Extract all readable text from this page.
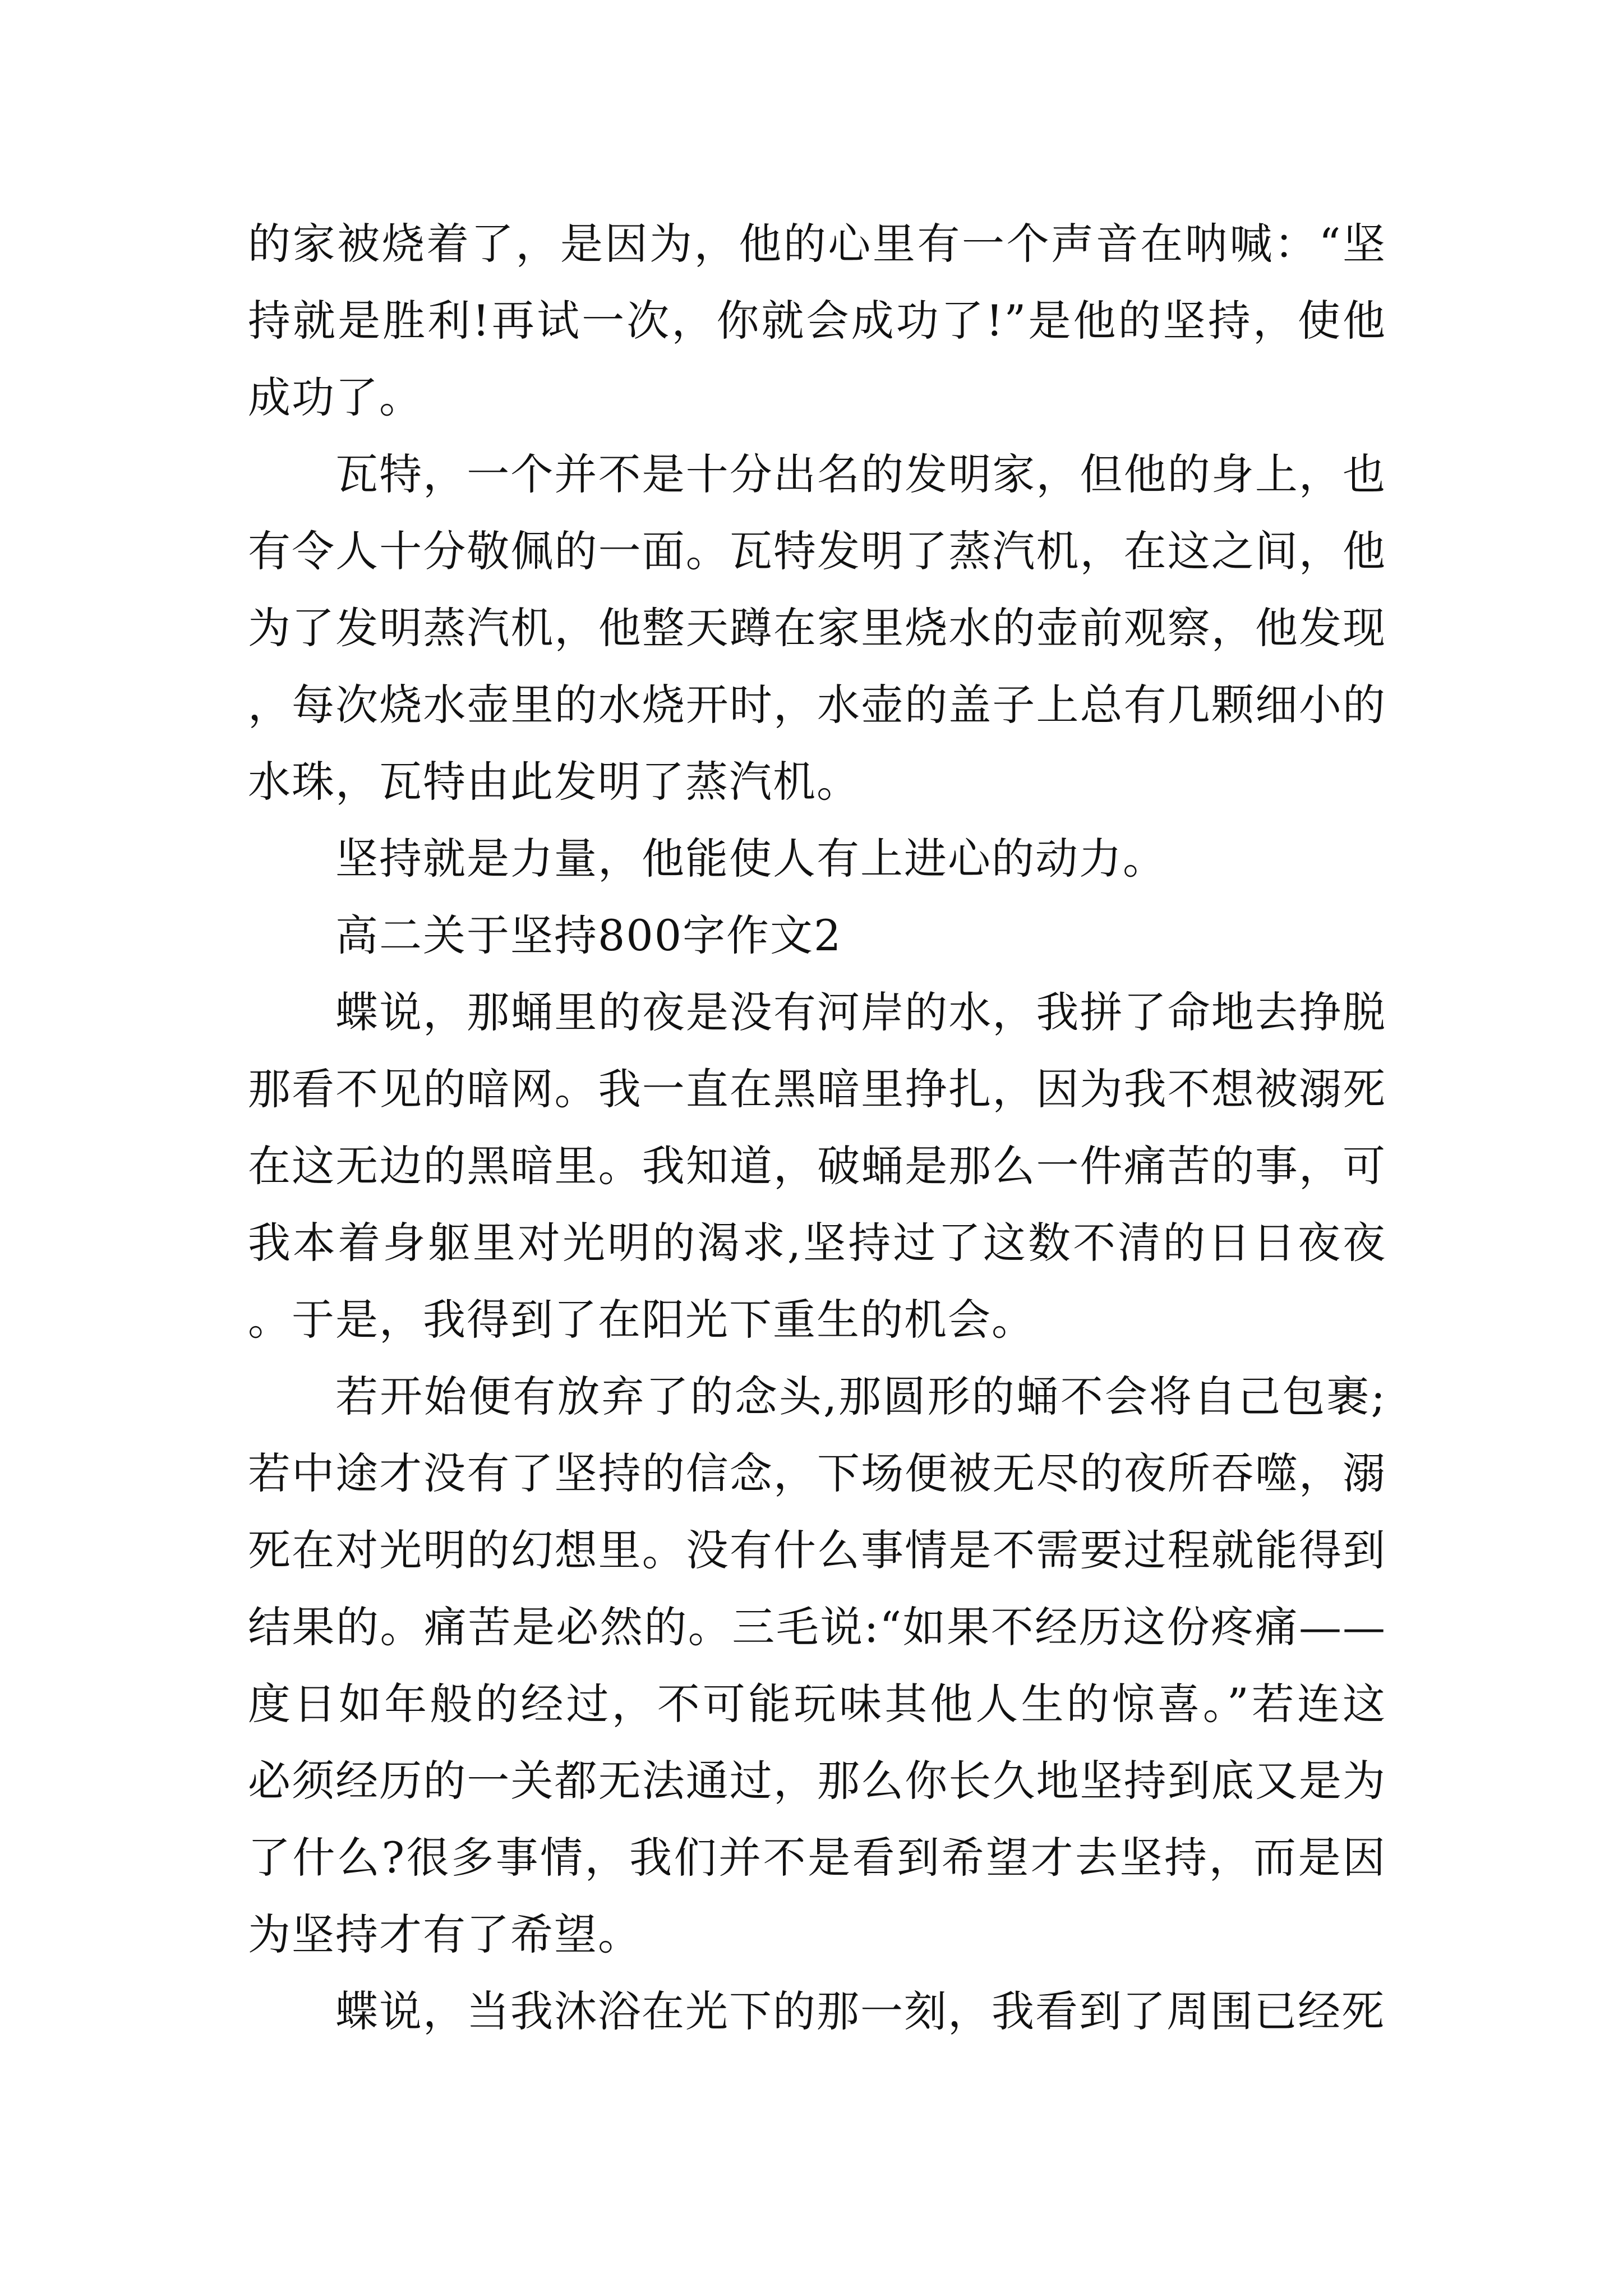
的家被烧着了，是因为，他的心里有一个声音在呐喊：“坚持就是胜利!再试一次，你就会成功了!”是他的坚持，使他成功了。

瓦特，一个并不是十分出名的发明家，但他的身上，也有令人十分敬佩的一面。瓦特发明了蒸汽机，在这之间，他为了发明蒸汽机，他整天蹲在家里烧水的壶前观察，他发现，每次烧水壶里的水烧开时，水壶的盖子上总有几颗细小的水珠，瓦特由此发明了蒸汽机。

坚持就是力量，他能使人有上进心的动力。

高二关于坚持800字作文2

蝶说，那蛹里的夜是没有河岸的水，我拼了命地去挣脱那看不见的暗网。我一直在黑暗里挣扎，因为我不想被溺死在这无边的黑暗里。我知道，破蛹是那么一件痛苦的事，可我本着身躯里对光明的渴求,坚持过了这数不清的日日夜夜。于是，我得到了在阳光下重生的机会。

若开始便有放弃了的念头,那圆形的蛹不会将自己包裹;若中途才没有了坚持的信念，下场便被无尽的夜所吞噬，溺死在对光明的幻想里。没有什么事情是不需要过程就能得到结果的。痛苦是必然的。三毛说:“如果不经历这份疼痛——度日如年般的经过，不可能玩味其他人生的惊喜。”若连这必须经历的一关都无法通过，那么你长久地坚持到底又是为了什么?很多事情，我们并不是看到希望才去坚持，而是因为坚持才有了希望。

蝶说，当我沐浴在光下的那一刻，我看到了周围已经死
